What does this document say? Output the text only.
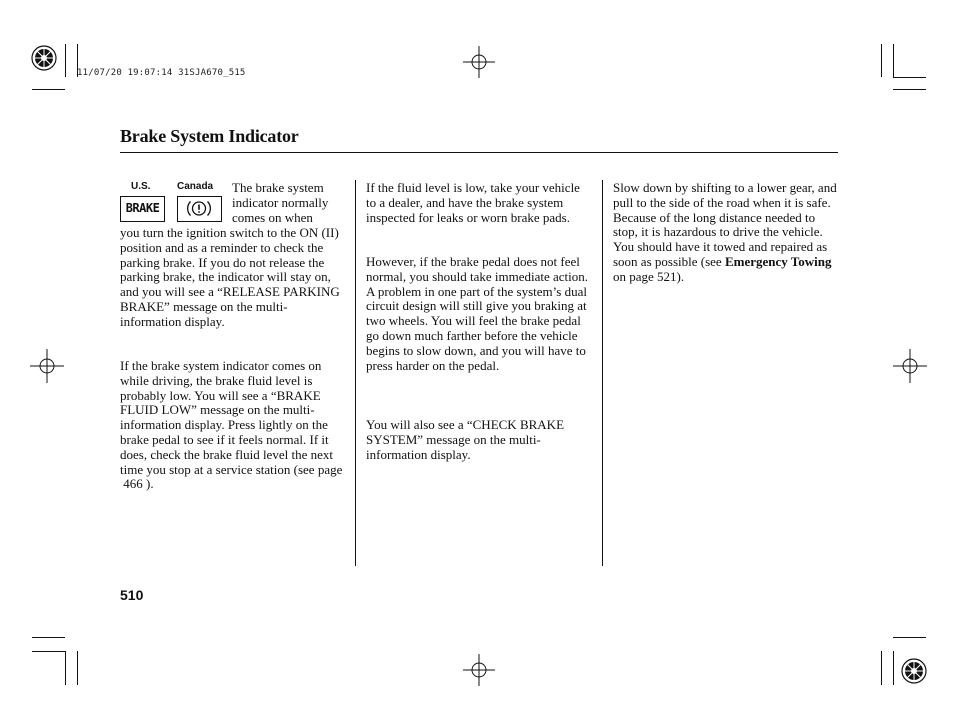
11/07/20 19:07:14 31SJA670_515
Brake System Indicator
U.S.	Canada
BRAKE

The brake system indicator normally comes on when

you turn the ignition switch to the ON (II) position and as a reminder to check the parking brake. If you do not release the parking brake, the indicator will stay on, and you will see a “RELEASE PARKING BRAKE” message on the multi-information display.

If the brake system indicator comes on while driving, the brake fluid level is probably low. You will see a “BRAKE FLUID LOW” message on the multi-information display. Press lightly on the brake pedal to see if it feels normal. If it does, check the brake fluid level the next time you stop at a service station (see page
466 ).

If the fluid level is low, take your vehicle to a dealer, and have the brake system inspected for leaks or worn brake pads.

However, if the brake pedal does not feel normal, you should take immediate action. A problem in one part of the system’s dual circuit design will still give you braking at two wheels. You will feel the brake pedal go down much farther before the vehicle begins to slow down, and you will have to press harder on the pedal.

You will also see a “CHECK BRAKE SYSTEM” message on the multi-information display.

Slow down by shifting to a lower gear, and pull to the side of the road when it is safe. Because of the long distance needed to stop, it is hazardous to drive the vehicle. You should have it towed and repaired as soon as possible (see Emergency Towing on page 521).

510
